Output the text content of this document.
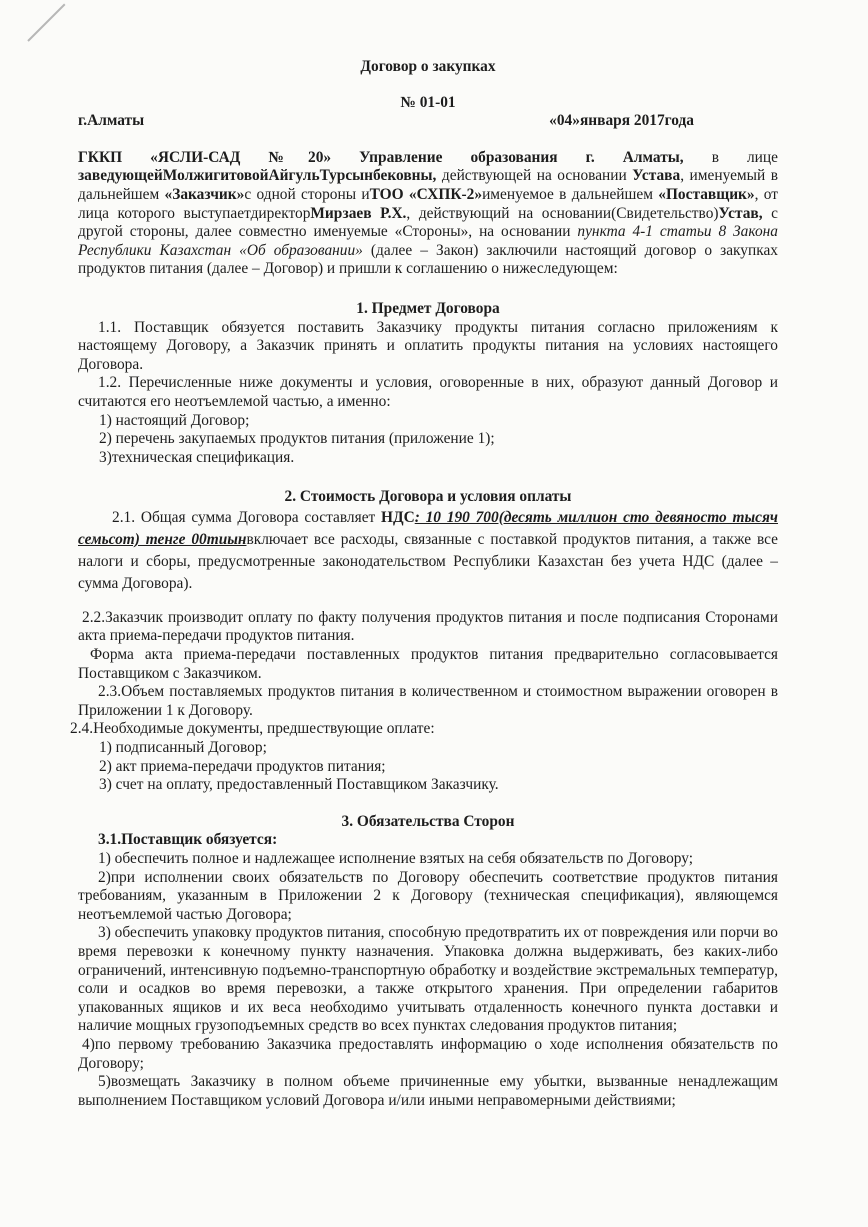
Договор о закупках

№ 01-01

г.Алматы	«04»января 2017года

ГККП «ЯСЛИ-САД №20» Управление образования г. Алматы, в лице заведующейМолжигитовойАйгульТурсынбековны, действующей на основании Устава, именуемый в дальнейшем «Заказчик»с одной стороны иТОО «СХПК-2»именуемое в дальнейшем «Поставщик», от лица которого выступаетдиректорМирзаев Р.Х., действующий на основании(Свидетельство)Устав, с другой стороны, далее совместно именуемые «Стороны», на основании пункта 4-1 статьи 8 Закона Республики Казахстан «Об образовании» (далее – Закон) заключили настоящий договор о закупках продуктов питания (далее – Договор) и пришли к соглашению о нижеследующем:

1. Предмет Договора

1.1. Поставщик обязуется поставить Заказчику продукты питания согласно приложениям к настоящему Договору, а Заказчик принять и оплатить продукты питания на условиях настоящего Договора.

1.2. Перечисленные ниже документы и условия, оговоренные в них, образуют данный Договор и считаются его неотъемлемой частью, а именно:

1) настоящий Договор;

2) перечень закупаемых продуктов питания (приложение 1);

3)техническая спецификация.

2. Стоимость Договора и условия оплаты

2.1. Общая сумма Договора составляет НДС: 10 190 700(десять миллион сто девяносто тысяч семьсот) тенге 00тиынвключает все расходы, связанные с поставкой продуктов питания, а также все налоги и сборы, предусмотренные законодательством Республики Казахстан без учета НДС (далее – сумма Договора).

2.2.Заказчик производит оплату по факту получения продуктов питания и после подписания Сторонами акта приема-передачи продуктов питания.

Форма акта приема-передачи поставленных продуктов питания предварительно согласовывается Поставщиком с Заказчиком.

2.3.Объем поставляемых продуктов питания в количественном и стоимостном выражении оговорен в Приложении 1 к Договору.

2.4.Необходимые документы, предшествующие оплате:

1) подписанный Договор;

2) акт приема-передачи продуктов питания;

3) счет на оплату, предоставленный Поставщиком Заказчику.

3. Обязательства Сторон

3.1.Поставщик обязуется:

1) обеспечить полное и надлежащее исполнение взятых на себя обязательств по Договору;

2)при исполнении своих обязательств по Договору обеспечить соответствие продуктов питания требованиям, указанным в Приложении 2 к Договору (техническая спецификация), являющемся неотъемлемой частью Договора;

3) обеспечить упаковку продуктов питания, способную предотвратить их от повреждения или порчи во время перевозки к конечному пункту назначения. Упаковка должна выдерживать, без каких-либо ограничений, интенсивную подъемно-транспортную обработку и воздействие экстремальных температур, соли и осадков во время перевозки, а также открытого хранения. При определении габаритов упакованных ящиков и их веса необходимо учитывать отдаленность конечного пункта доставки и наличие мощных грузоподъемных средств во всех пунктах следования продуктов питания;

4)по первому требованию Заказчика предоставлять информацию о ходе исполнения обязательств по Договору;

5)возмещать Заказчику в полном объеме причиненные ему убытки, вызванные ненадлежащим выполнением Поставщиком условий Договора и/или иными неправомерными действиями;
